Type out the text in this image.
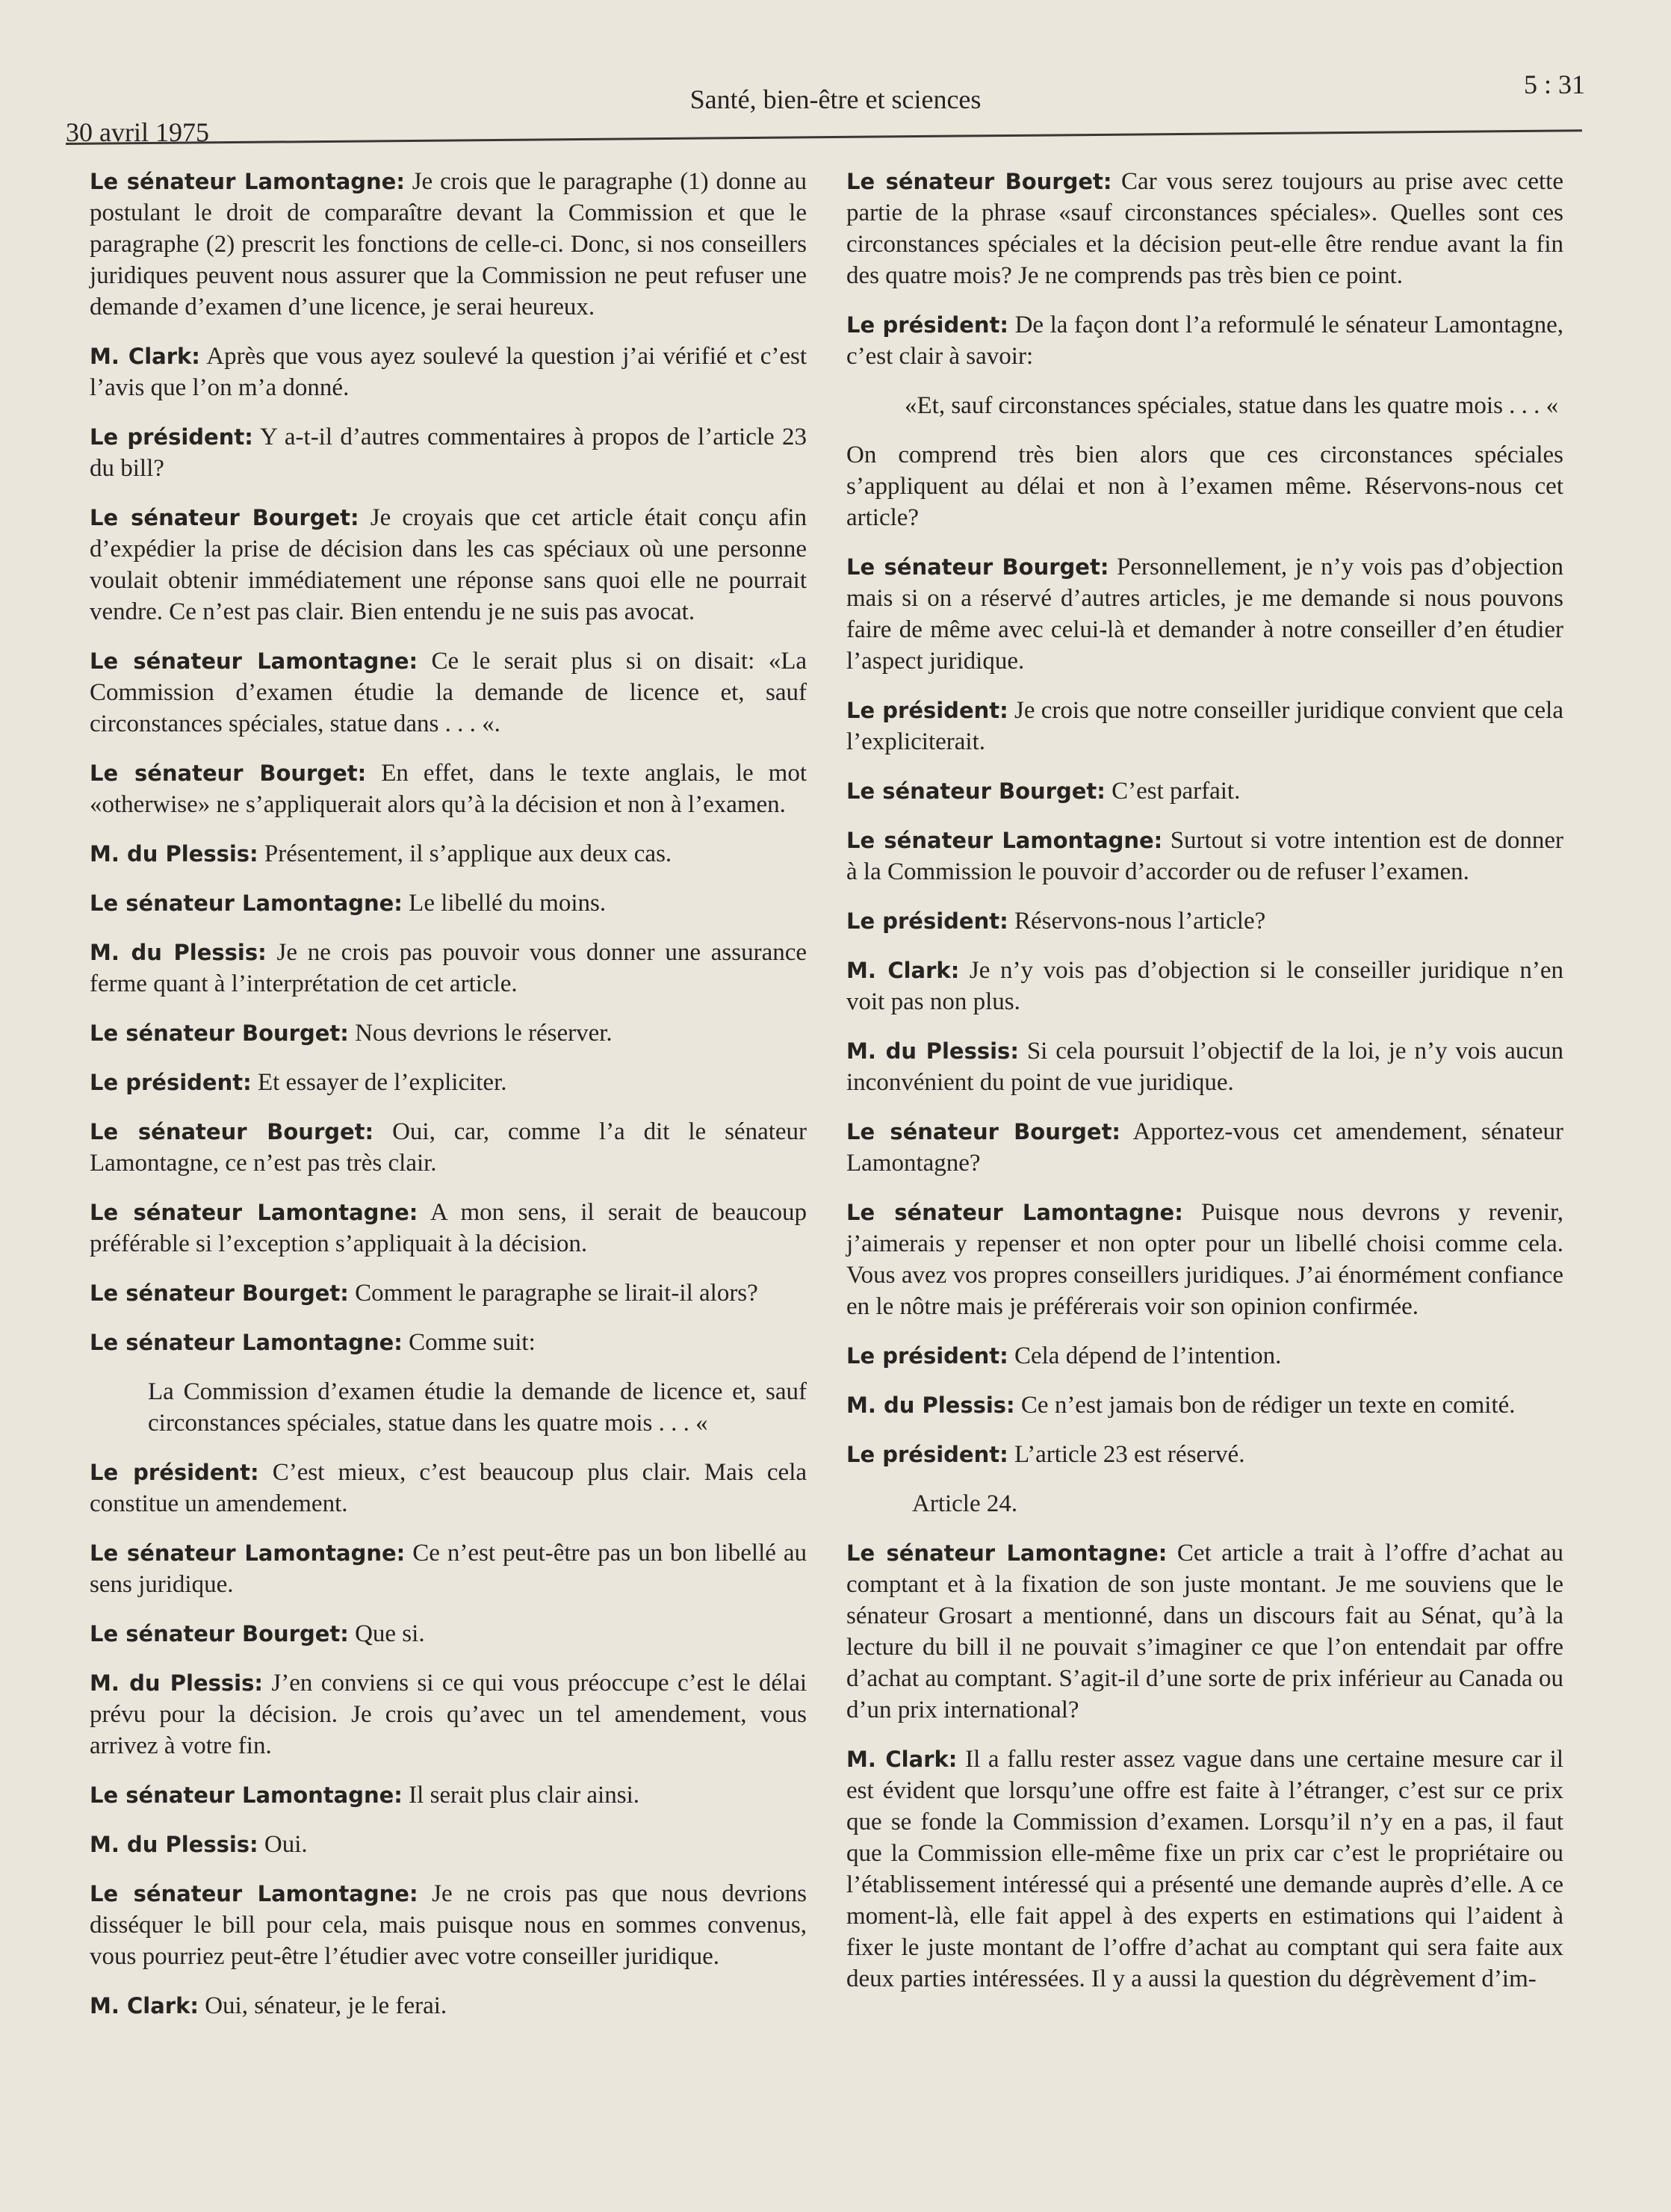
30 avril 1975
Santé, bien-être et sciences	5 : 31

Le sénateur Lamontagne: Je crois que le paragraphe (1) donne au postulant le droit de comparaître devant la Commission et que le paragraphe (2) prescrit les fonctions de celle-ci. Donc, si nos conseillers juridiques peuvent nous assurer que la Commission ne peut refuser une demande d’examen d’une licence, je serai heureux.

M. Clark: Après que vous ayez soulevé la question j’ai vérifié et c’est l’avis que l’on m’a donné.

Le président: Y a-t-il d’autres commentaires à propos de l’article 23 du bill?

Le sénateur Bourget: Je croyais que cet article était conçu afin d’expédier la prise de décision dans les cas spéciaux où une personne voulait obtenir immédiatement une réponse sans quoi elle ne pourrait vendre. Ce n’est pas clair. Bien entendu je ne suis pas avocat.

Le sénateur Lamontagne: Ce le serait plus si on disait: «La Commission d’examen étudie la demande de licence et, sauf circonstances spéciales, statue dans . . . «.

Le sénateur Bourget: En effet, dans le texte anglais, le mot «otherwise» ne s’appliquerait alors qu’à la décision et non à l’examen.

M. du Plessis: Présentement, il s’applique aux deux cas.

Le sénateur Lamontagne: Le libellé du moins.

M. du Plessis: Je ne crois pas pouvoir vous donner une assurance ferme quant à l’interprétation de cet article.

Le sénateur Bourget: Nous devrions le réserver.

Le président: Et essayer de l’expliciter.

Le sénateur Bourget: Oui, car, comme l’a dit le sénateur Lamontagne, ce n’est pas très clair.

Le sénateur Lamontagne: A mon sens, il serait de beaucoup préférable si l’exception s’appliquait à la décision.

Le sénateur Bourget: Comment le paragraphe se lirait-il alors?

Le sénateur Lamontagne: Comme suit:

La Commission d’examen étudie la demande de licence et, sauf circonstances spéciales, statue dans les quatre mois . . . «

Le président: C’est mieux, c’est beaucoup plus clair. Mais cela constitue un amendement.

Le sénateur Lamontagne: Ce n’est peut-être pas un bon libellé au sens juridique.

Le sénateur Bourget: Que si.

M. du Plessis: J’en conviens si ce qui vous préoccupe c’est le délai prévu pour la décision. Je crois qu’avec un tel amendement, vous arrivez à votre fin.

Le sénateur Lamontagne: Il serait plus clair ainsi.

M. du Plessis: Oui.

Le sénateur Lamontagne: Je ne crois pas que nous devrions disséquer le bill pour cela, mais puisque nous en sommes convenus, vous pourriez peut-être l’étudier avec votre conseiller juridique.

M. Clark: Oui, sénateur, je le ferai.

Le sénateur Bourget: Car vous serez toujours au prise avec cette partie de la phrase «sauf circonstances spéciales». Quelles sont ces circonstances spéciales et la décision peut-elle être rendue avant la fin des quatre mois? Je ne comprends pas très bien ce point.

Le président: De la façon dont l’a reformulé le sénateur Lamontagne, c’est clair à savoir:

«Et, sauf circonstances spéciales, statue dans les quatre mois . . . «

On comprend très bien alors que ces circonstances spéciales s’appliquent au délai et non à l’examen même. Réservons-nous cet article?

Le sénateur Bourget: Personnellement, je n’y vois pas d’objection mais si on a réservé d’autres articles, je me demande si nous pouvons faire de même avec celui-là et demander à notre conseiller d’en étudier l’aspect juridique.

Le président: Je crois que notre conseiller juridique convient que cela l’expliciterait.

Le sénateur Bourget: C’est parfait.

Le sénateur Lamontagne: Surtout si votre intention est de donner à la Commission le pouvoir d’accorder ou de refuser l’examen.

Le président: Réservons-nous l’article?

M. Clark: Je n’y vois pas d’objection si le conseiller juridique n’en voit pas non plus.

M. du Plessis: Si cela poursuit l’objectif de la loi, je n’y vois aucun inconvénient du point de vue juridique.

Le sénateur Bourget: Apportez-vous cet amendement, sénateur Lamontagne?

Le sénateur Lamontagne: Puisque nous devrons y revenir, j’aimerais y repenser et non opter pour un libellé choisi comme cela. Vous avez vos propres conseillers juridiques. J’ai énormément confiance en le nôtre mais je préférerais voir son opinion confirmée.

Le président: Cela dépend de l’intention.

M. du Plessis: Ce n’est jamais bon de rédiger un texte en comité.

Le président: L’article 23 est réservé.

Article 24.

Le sénateur Lamontagne: Cet article a trait à l’offre d’achat au comptant et à la fixation de son juste montant. Je me souviens que le sénateur Grosart a mentionné, dans un discours fait au Sénat, qu’à la lecture du bill il ne pouvait s’imaginer ce que l’on entendait par offre d’achat au comptant. S’agit-il d’une sorte de prix inférieur au Canada ou d’un prix international?

M. Clark: Il a fallu rester assez vague dans une certaine mesure car il est évident que lorsqu’une offre est faite à l’étranger, c’est sur ce prix que se fonde la Commission d’examen. Lorsqu’il n’y en a pas, il faut que la Commission elle-même fixe un prix car c’est le propriétaire ou l’établissement intéressé qui a présenté une demande auprès d’elle. A ce moment-là, elle fait appel à des experts en estimations qui l’aident à fixer le juste montant de l’offre d’achat au comptant qui sera faite aux deux parties intéressées. Il y a aussi la question du dégrèvement d’im-
